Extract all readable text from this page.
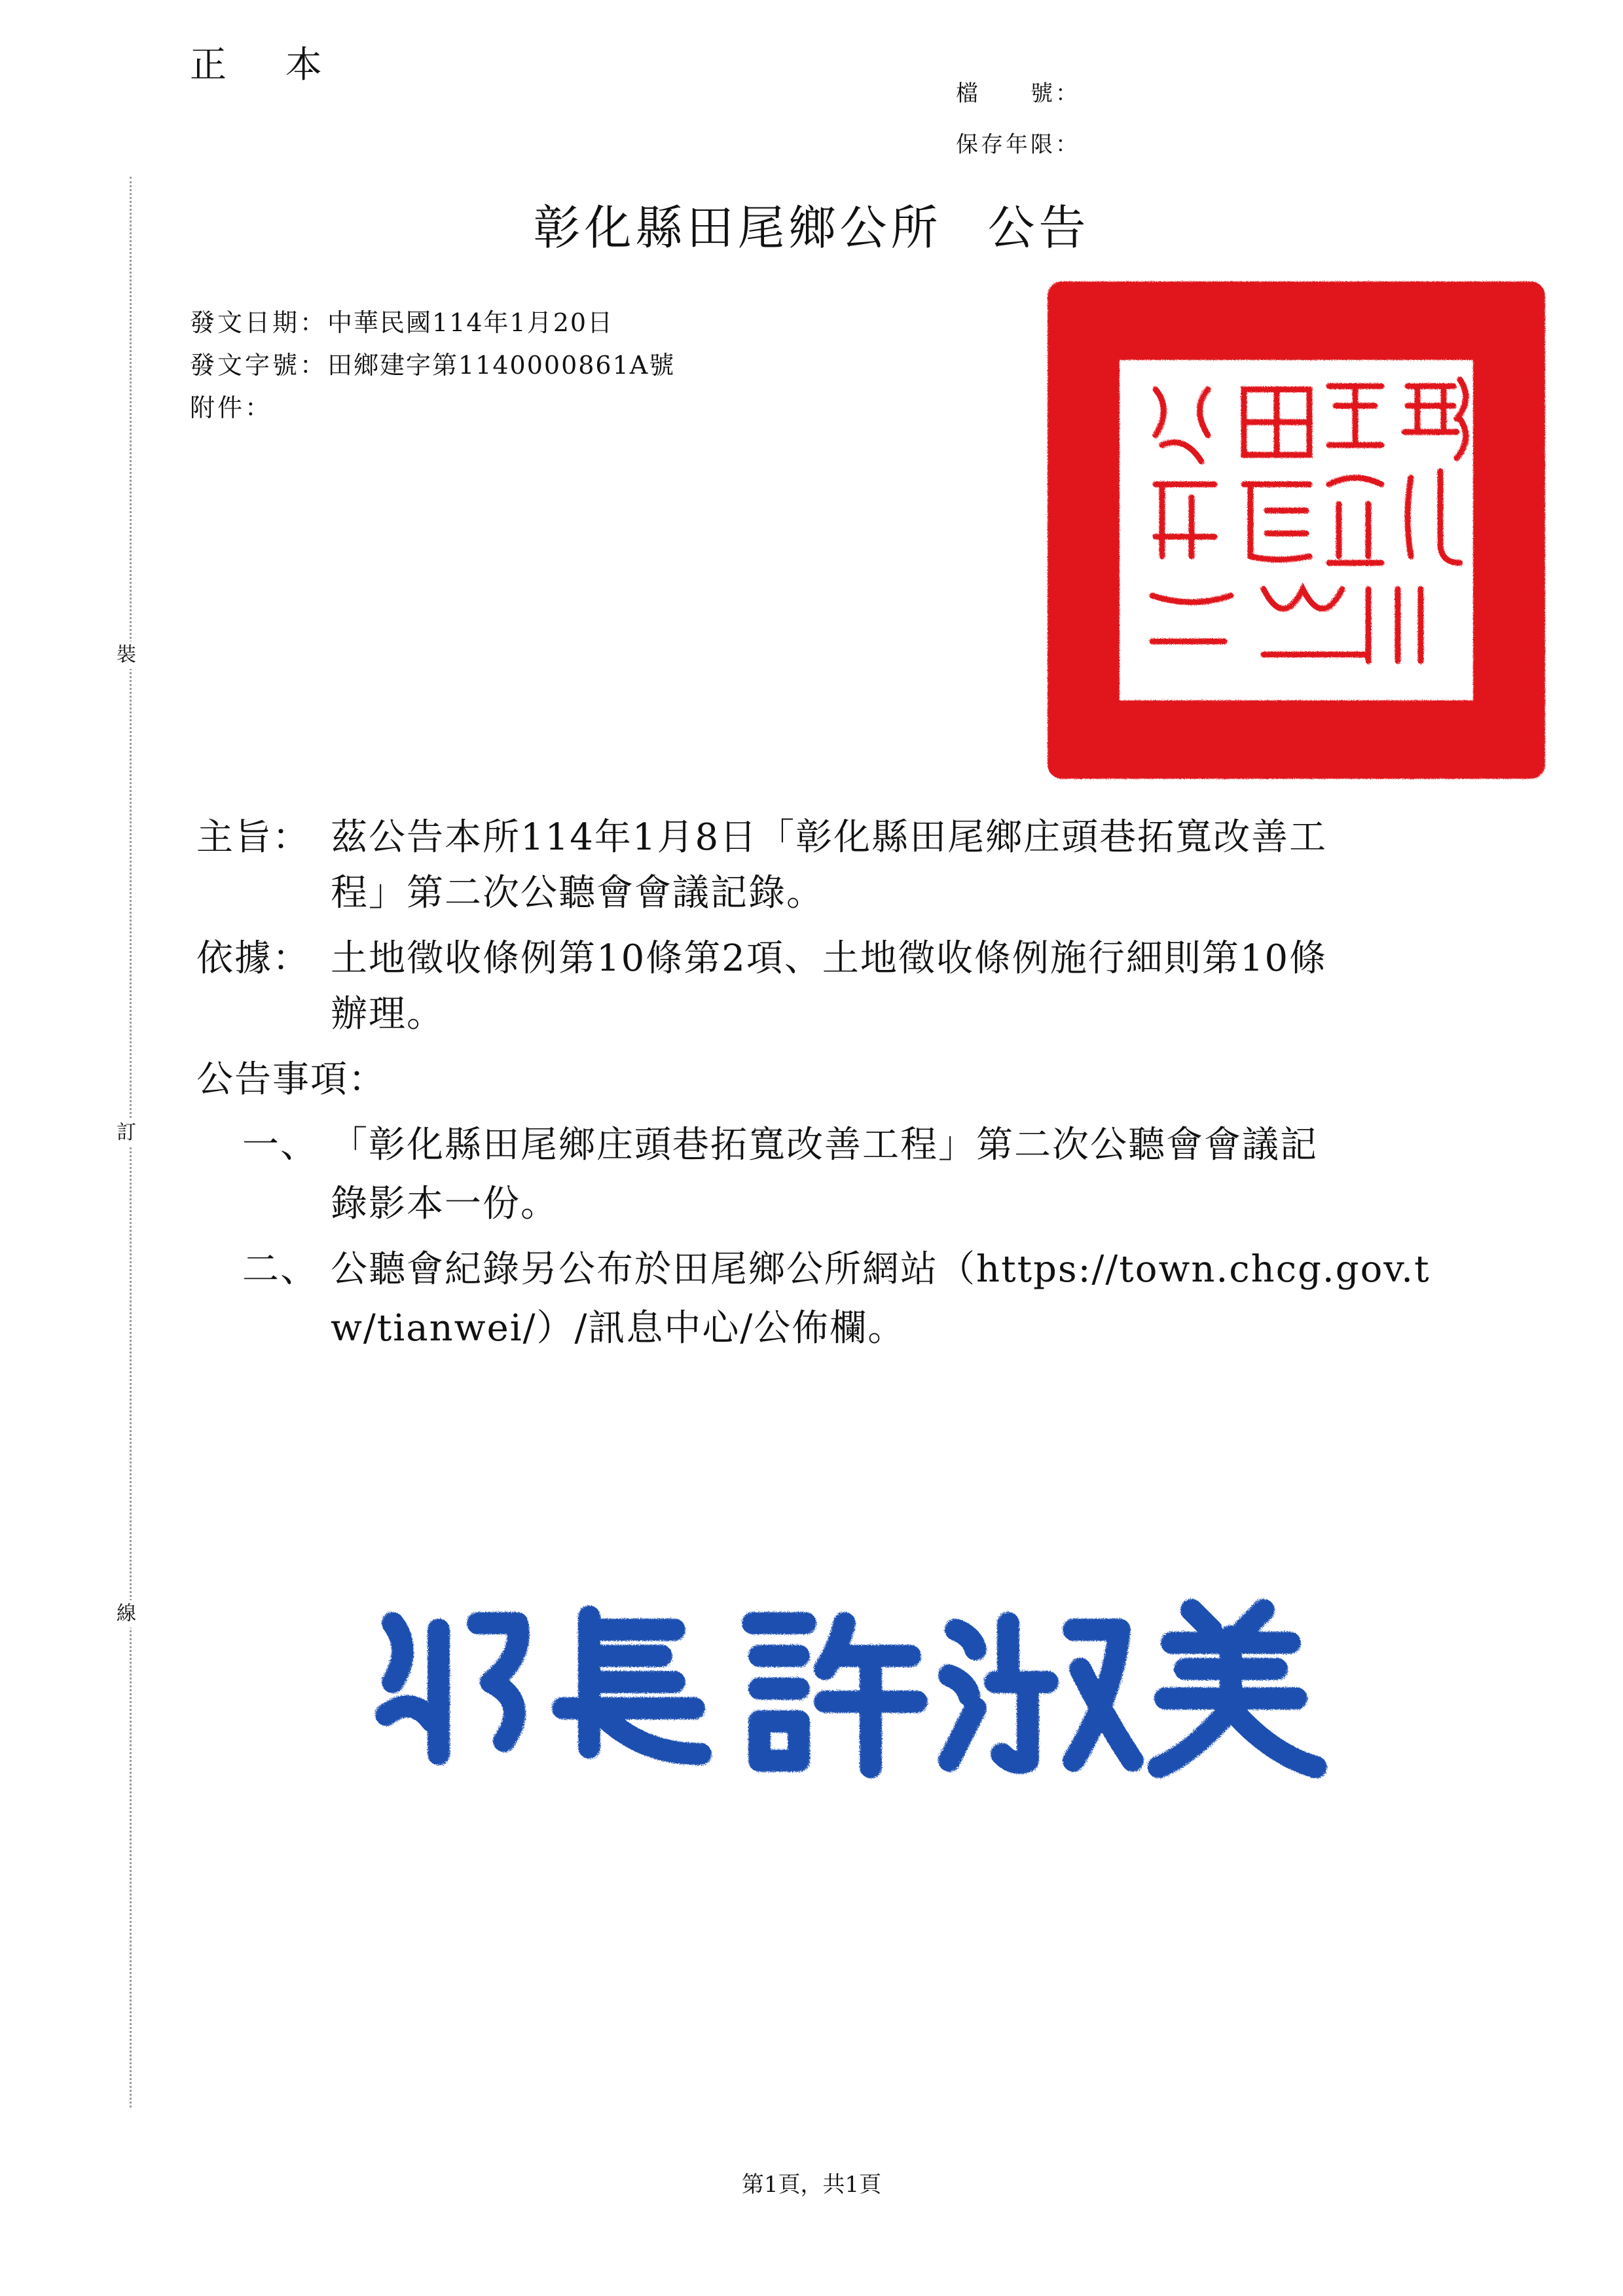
裝
訂
線
正 本
檔　　號：
保存年限：
彰化縣田尾鄉公所 公告
發文日期：中華民國114年1月20日
發文字號：田鄉建字第1140000861A號
附件：
主旨： 茲公告本所114年1月8日「彰化縣田尾鄉庄頭巷拓寬改善工
程」第二次公聽會會議記錄。
依據： 土地徵收條例第10條第2項、土地徵收條例施行細則第10條
辦理。
公告事項：
一、 「彰化縣田尾鄉庄頭巷拓寬改善工程」第二次公聽會會議記
錄影本一份。
二、 公聽會紀錄另公布於田尾鄉公所網站（https://town.chcg.gov.t
w/tianwei/）/訊息中心/公佈欄。
第1頁，共1頁
